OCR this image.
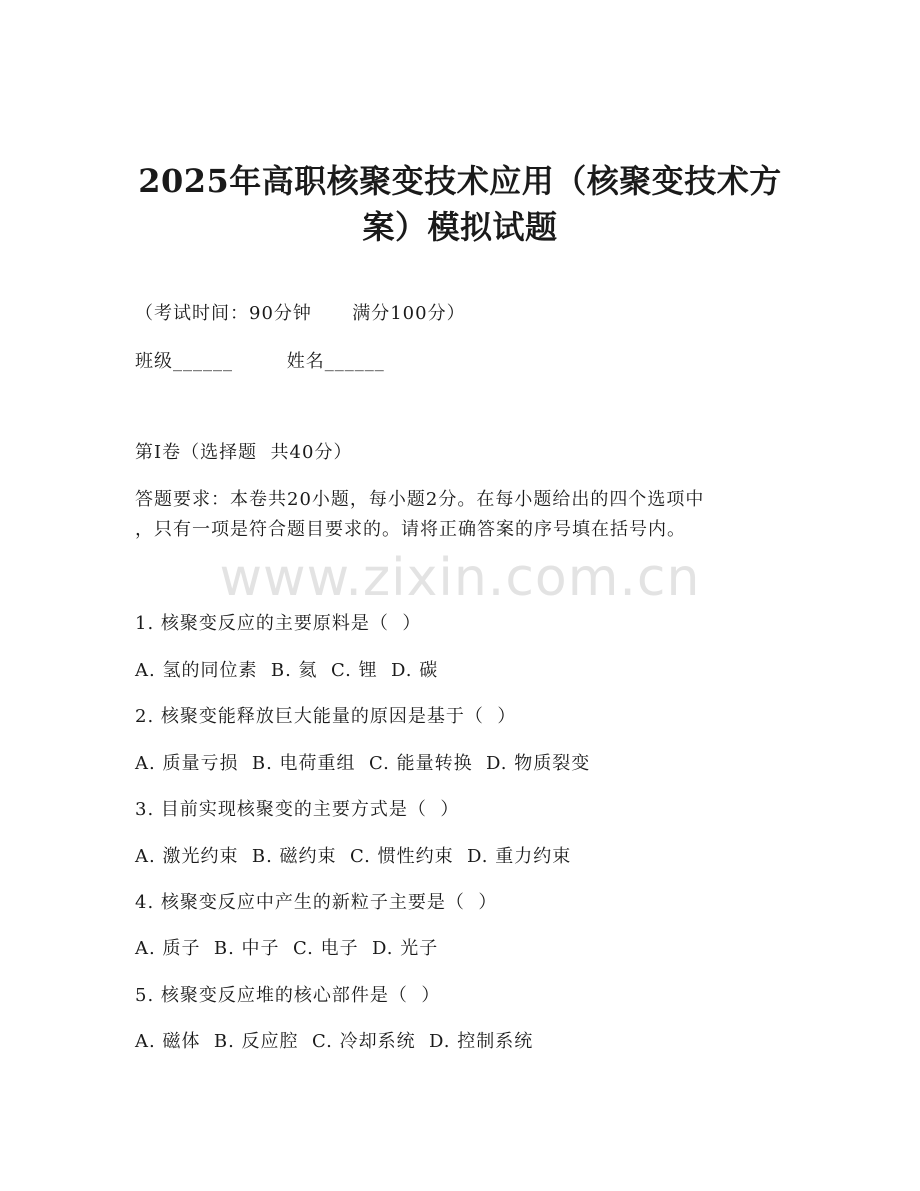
2025年高职核聚变技术应用（核聚变技术方
案）模拟试题
（考试时间：90分钟      满分100分）
班级______        姓名______
第I卷（选择题  共40分）
答题要求：本卷共20小题，每小题2分。在每小题给出的四个选项中
，只有一项是符合题目要求的。请将正确答案的序号填在括号内。
www.zixin.com.cn
1. 核聚变反应的主要原料是（  ）
A. 氢的同位素  B. 氦  C. 锂  D. 碳
2. 核聚变能释放巨大能量的原因是基于（  ）
A. 质量亏损  B. 电荷重组  C. 能量转换  D. 物质裂变
3. 目前实现核聚变的主要方式是（  ）
A. 激光约束  B. 磁约束  C. 惯性约束  D. 重力约束
4. 核聚变反应中产生的新粒子主要是（  ）
A. 质子  B. 中子  C. 电子  D. 光子
5. 核聚变反应堆的核心部件是（  ）
A. 磁体  B. 反应腔  C. 冷却系统  D. 控制系统
